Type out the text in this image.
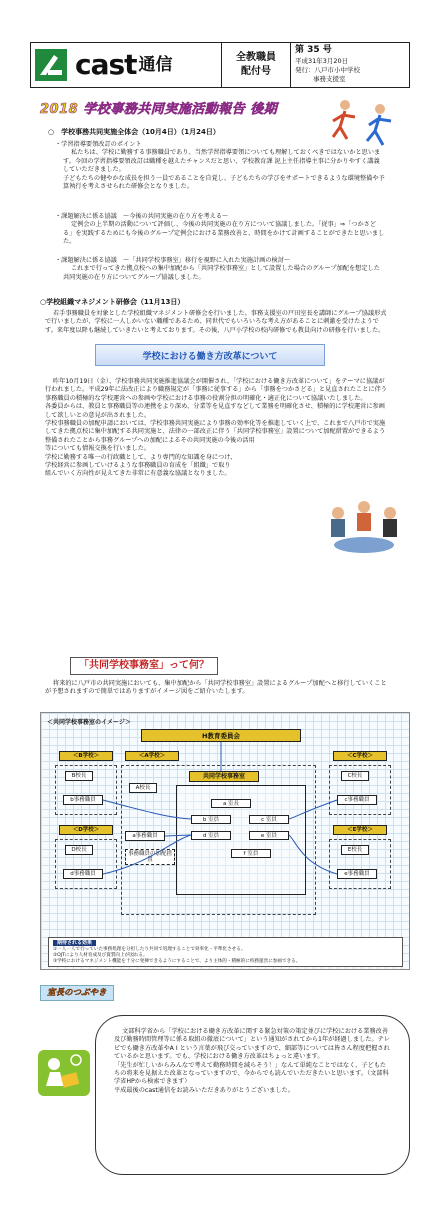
cast 通信	全教職員
配付号
第 35 号
平成31年3月20日
発行：八戸市小中学校
事務支援室
2018 学校事務共同実施活動報告 後期
○　学校事務共同実施全体会（10月4日）（1月24日）
・学習指導要領改訂のポイント
私たちは、学校に勤務する事務職員であり、当然学習指導要領についても理解しておくべきではないかと思います。今回の学習指導要領改訂は職種を越えたチャンスだと思い、学校教育課 泥上主任指導主事に分かりやすく講義していただきました。
子どもたちの健やかな成長を担う一員であることを自覚し、子どもたちの学びをサポートできるような環境整備や予算執行を考えさせられた研修会となりました。
・課題解決に係る協議　～今後の共同実施の在り方を考える～
定例会の上半期の活動について評価し、今後の共同実施の在り方について協議しました。「従事」⇒「つかさどる」を実践するためにも今後のグループ定例会における業務改善と、時間をかけて計画することができたと思いました。
・課題解決に係る協議　～「共同学校事務室」移行を視野に入れた実施計画の検討～
これまで行ってきた拠点校への集中加配から「共同学校事務室」として設置した場合のグループ加配を想定した共同実施の在り方についてグループ協議しました。
○学校組織マネジメント研修会（11月13日）
若手事務職員を対象とした学校組織マネジメント研修会を行いました。事務支援室の戸田室長を講師にグループ協議形式で行いましたが、学校に一人しかいない職種であるため、同世代でもいろいろな考え方があることに刺激を受けたようです。来年度以降も継続していきたいと考えております。その後、八戸小学校の校内研修でも教員向けの研修を行いました。
学校における働き方改革について
昨年10月19日（金）、学校事務共同実施推進協議会が開催され、「学校における働き方改革について」をテーマに協議が行われました。平成29年に法改正により職務規定が「事務に従事する」から「事務をつかさどる」と見直されたことに伴う事務職員の積極的な学校運営への参画や学校における事務の役割分担の明確化・適正化について協議いたしました。
各委員からは、教員と事務職員等の連携をより深め、分業等を見直すなどして業務を明確化させ、積極的に学校運営に参画して欲しいとの意見が出されました。
学校事務職員の加配申請においては、学校事務共同実施により事務の効率化等を推進していく上で、これまで八戸市で実施してきた拠点校に集中加配する共同実施と、法律の一部改正に伴う「共同学校事務室」設置について加配措置ができるよう
整備されたことから事務グループへの加配によるその共同実施の今後の活用
等についても情報交換を行いました。
学校に勤務する唯一の行政職として、より専門的な知識を身につけ、
学校経営に参画していけるような事務職員の育成を「組織」で取り
組んでいく方向性が見えてきた非常に有意義な協議となりました。
「共同学校事務室」って何？
将来的に八戸市の共同実施においても、集中加配から「共同学校事務室」設置によるグループ加配へと移行していくことが予想されますので簡単ではありますがイメージ図をご紹介いたします。
＜共同学校事務室のイメージ＞
H教育委員会
＜B学校＞
B校長
b事務職員
＜C学校＞
C校長
c事務職員
＜A学校＞
A校長
a事務職員
共同学校事務室
a 室長
b 室員	c 室員
d 室員	e 室員
f 室員
事務職員の加配措置
＜D学校＞
D校長
d事務職員
＜E学校＞
E校長
e事務職員
期待される効果
①一人一人で行っていた事務処理を分担したり共同で処理することで効率化・平準化させる。
②OJTにより人材育成及び資質向上が図れる。
③学校におけるマネジメント機能を十分に発揮できるようにすることで、より主体的・積極的に校務運営に参画できる。
室長のつぶやき
文部科学省から「学校における働き方改革に関する緊急対策の策定並びに学校における業務改善及び勤務時間管理等に係る取組の徹底について」という通知がされてから1年が経過しました。テレビでも働き方改革やA I という言葉が飛び交っていますので、細部等については皆さん程度把握されているかと思います。でも、学校における働き方改革はちょっと違います。
「先生が忙しいからみんなで考えて勤務時間を減らそう！」なんて単純なことではなく、子どもたちの将来を見据えた改革となっていますので、今からでも読んでいただきたいと思います。（文部科学省HPから検索できます）
平成最後のcast通信をお読みいただきありがとうございました。
